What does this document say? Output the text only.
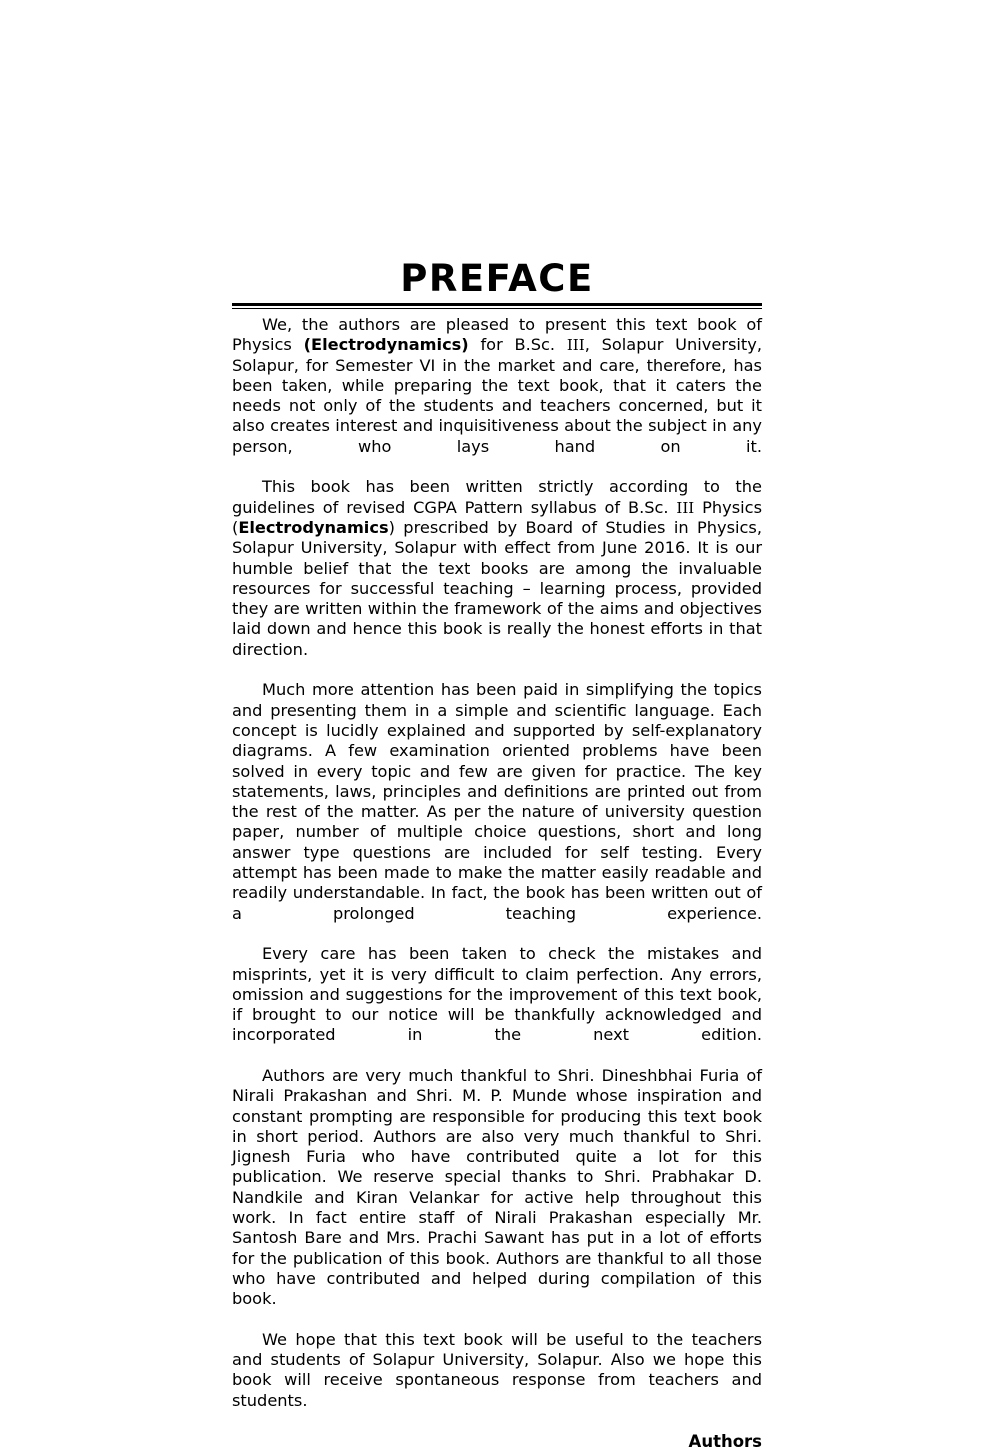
PREFACE

We, the authors are pleased to present this text book of Physics (Electrodynamics) for B.Sc. III, Solapur University, Solapur, for Semester VI in the market and care, therefore, has been taken, while preparing the text book, that it caters the needs not only of the students and teachers concerned, but it also creates interest and inquisitiveness about the subject in any person, who lays hand on it.

This book has been written strictly according to the guidelines of revised CGPA Pattern syllabus of B.Sc. III Physics (Electrodynamics) prescribed by Board of Studies in Physics, Solapur University, Solapur with effect from June 2016. It is our humble belief that the text books are among the invaluable resources for successful teaching – learning process, provided they are written within the framework of the aims and objectives laid down and hence this book is really the honest efforts in that direction.

Much more attention has been paid in simplifying the topics and presenting them in a simple and scientific language. Each concept is lucidly explained and supported by self-explanatory diagrams. A few examination oriented problems have been solved in every topic and few are given for practice. The key statements, laws, principles and definitions are printed out from the rest of the matter. As per the nature of university question paper, number of multiple choice questions, short and long answer type questions are included for self testing. Every attempt has been made to make the matter easily readable and readily understandable. In fact, the book has been written out of a prolonged teaching experience.

Every care has been taken to check the mistakes and misprints, yet it is very difficult to claim perfection. Any errors, omission and suggestions for the improvement of this text book, if brought to our notice will be thankfully acknowledged and incorporated in the next edition.

Authors are very much thankful to Shri. Dineshbhai Furia of Nirali Prakashan and Shri. M. P. Munde whose inspiration and constant prompting are responsible for producing this text book in short period. Authors are also very much thankful to Shri. Jignesh Furia who have contributed quite a lot for this publication. We reserve special thanks to Shri. Prabhakar D. Nandkile and Kiran Velankar for active help throughout this work. In fact entire staff of Nirali Prakashan especially Mr. Santosh Bare and Mrs. Prachi Sawant has put in a lot of efforts for the publication of this book. Authors are thankful to all those who have contributed and helped during compilation of this book.

We hope that this text book will be useful to the teachers and students of Solapur University, Solapur. Also we hope this book will receive spontaneous response from teachers and students.

Authors
